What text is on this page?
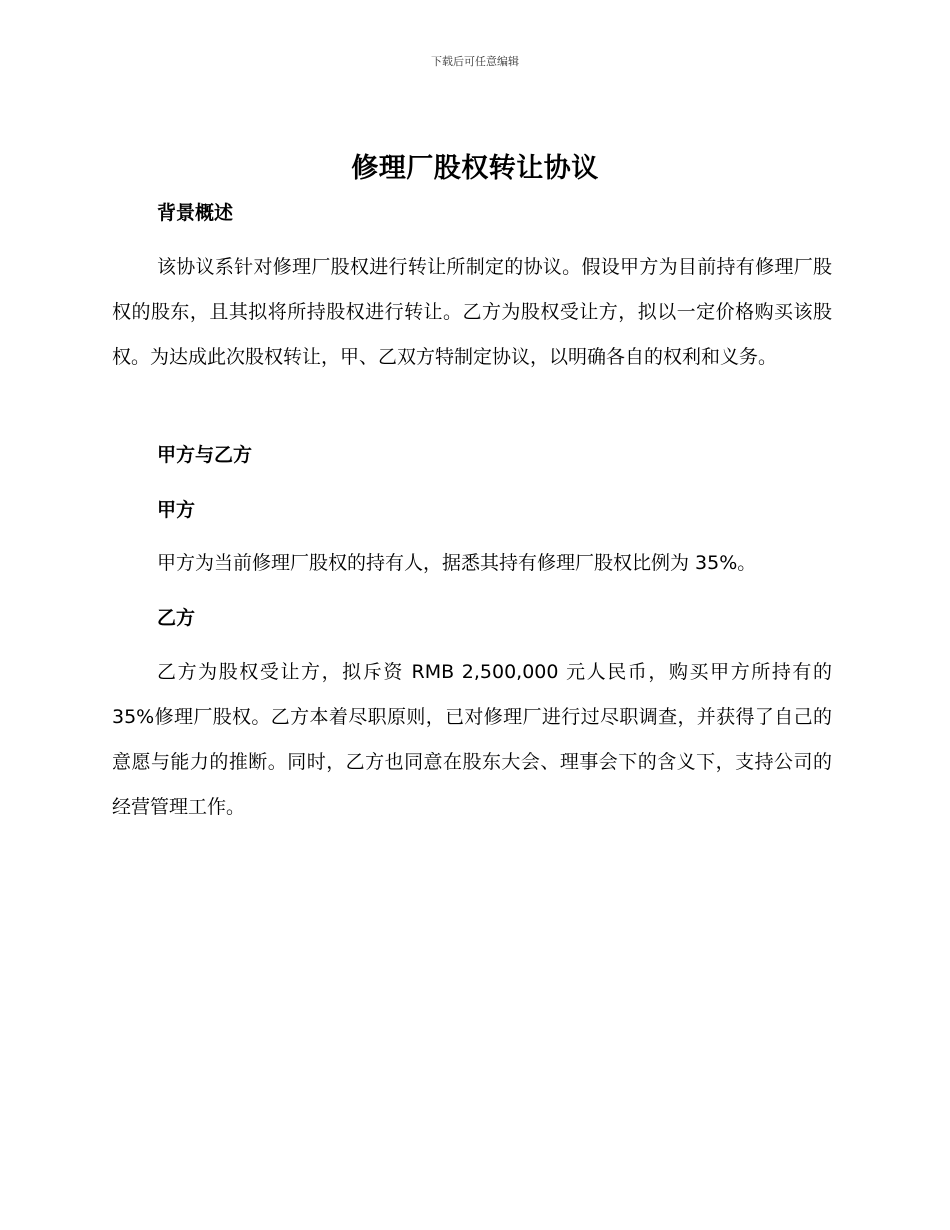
下载后可任意编辑
修理厂股权转让协议
背景概述

该协议系针对修理厂股权进行转让所制定的协议。假设甲方为目前持有修理厂股权的股东，且其拟将所持股权进行转让。乙方为股权受让方，拟以一定价格购买该股权。为达成此次股权转让，甲、乙双方特制定协议，以明确各自的权利和义务。

甲方与乙方
甲方

甲方为当前修理厂股权的持有人，据悉其持有修理厂股权比例为 35%。

乙方

乙方为股权受让方，拟斥资 RMB 2,500,000 元人民币，购买甲方所持有的 35%修理厂股权。乙方本着尽职原则，已对修理厂进行过尽职调查，并获得了自己的意愿与能力的推断。同时，乙方也同意在股东大会、理事会下的含义下，支持公司的经营管理工作。
